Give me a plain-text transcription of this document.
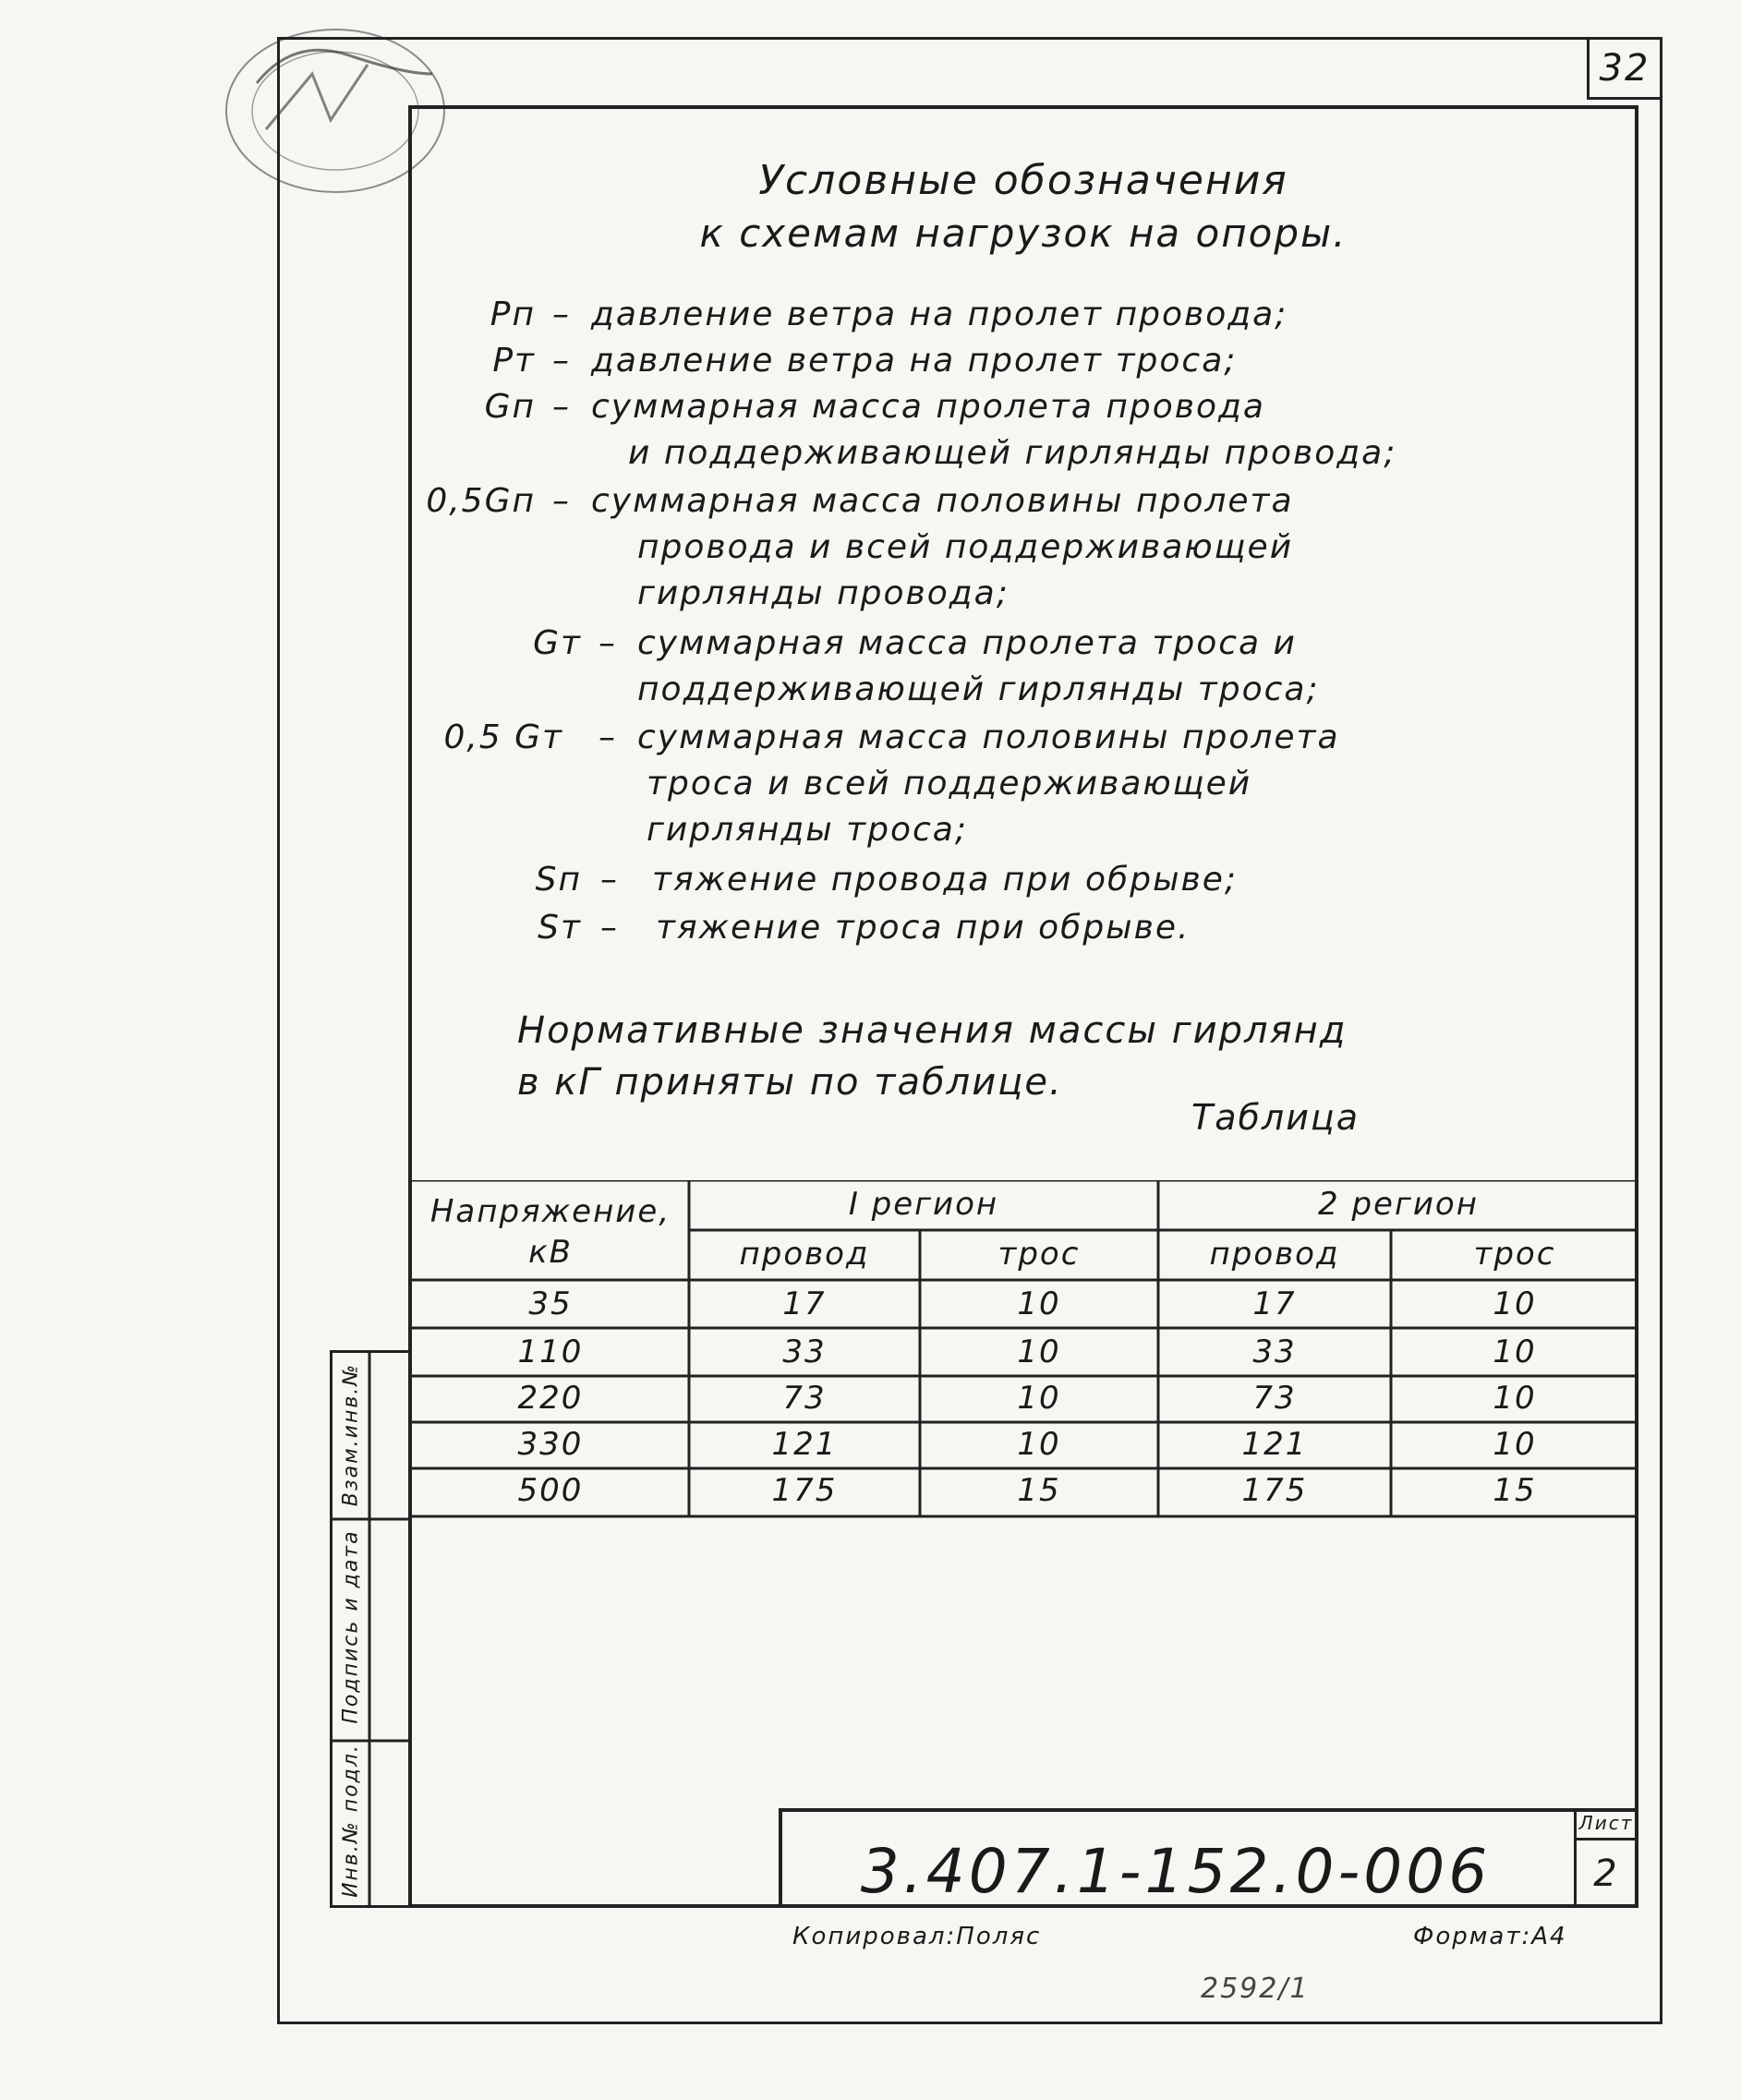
32
Условные обозначения
к схемам нагрузок на опоры.
Pп – давление ветра на пролет провода;
Pт – давление ветра на пролет троса;
Gп – суммарная масса пролета провода
и поддерживающей гирлянды провода;
0,5Gп – суммарная масса половины пролета
провода и всей поддерживающей
гирлянды провода;
Gт – суммарная масса пролета троса и
поддерживающей гирлянды троса;
0,5 Gт – суммарная масса половины пролета
троса и всей поддерживающей
гирлянды троса;
Sп – тяжение провода при обрыве;
Sт – тяжение троса при обрыве.
Нормативные значения массы гирлянд
в кГ приняты по таблице.
Таблица
Напряжение,
кВ
I регион	2 регион
провод	трос	провод	трос
35	17	10	17	10
110	33	10	33	10
220	73	10	73	10
330	121	10	121	10
500	175	15	175	15
Взам.инв.№
Подпись и дата
Инв.№ подл.	3.407.1-152.0-006
Лист
2
Копировал:Поляс	Формат:А4
2592/1
